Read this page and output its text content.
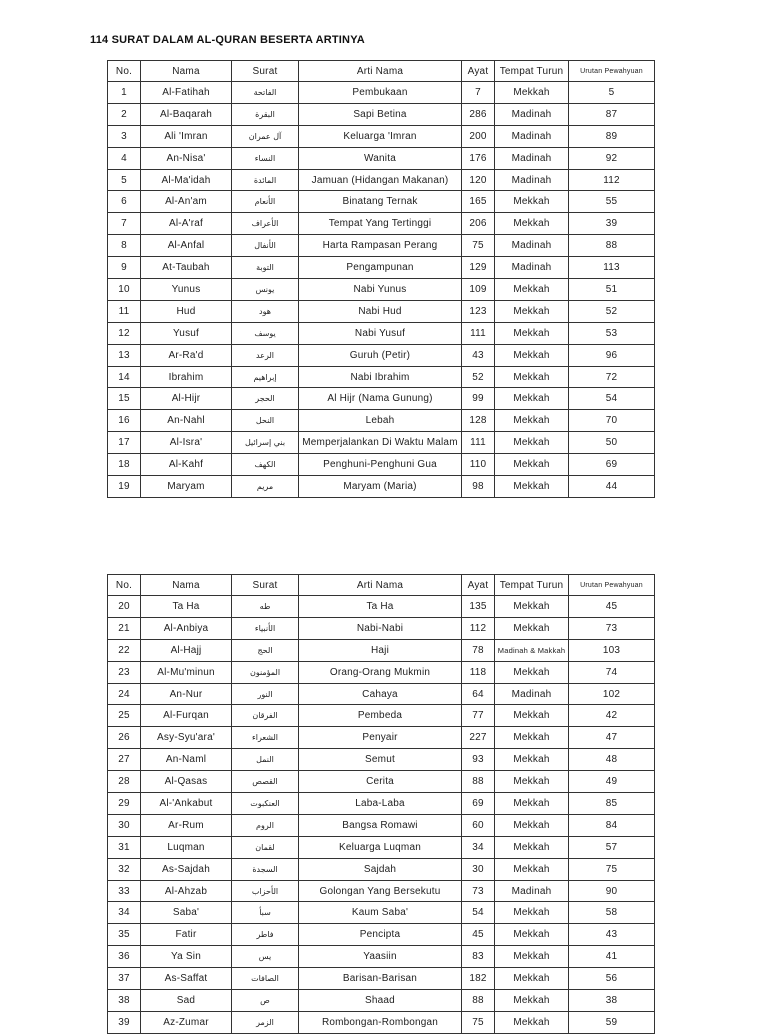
114 SURAT DALAM AL-QURAN BESERTA ARTINYA
No.	Nama	Surat	Arti Nama	Ayat	Tempat Turun	Urutan Pewahyuan
1	Al-Fatihah	الفاتحة	Pembukaan	7	Mekkah	5
2	Al-Baqarah	البقرة	Sapi Betina	286	Madinah	87
3	Ali 'Imran	آل عمران	Keluarga 'Imran	200	Madinah	89
4	An-Nisa'	النساء	Wanita	176	Madinah	92
5	Al-Ma'idah	المائدة	Jamuan (Hidangan Makanan)	120	Madinah	112
6	Al-An'am	الأنعام	Binatang Ternak	165	Mekkah	55
7	Al-A'raf	الأعراف	Tempat Yang Tertinggi	206	Mekkah	39
8	Al-Anfal	الأنفال	Harta Rampasan Perang	75	Madinah	88
9	At-Taubah	التوبة	Pengampunan	129	Madinah	113
10	Yunus	يونس	Nabi Yunus	109	Mekkah	51
11	Hud	هود	Nabi Hud	123	Mekkah	52
12	Yusuf	يوسف	Nabi Yusuf	111	Mekkah	53
13	Ar-Ra'd	الرعد	Guruh (Petir)	43	Mekkah	96
14	Ibrahim	إبراهيم	Nabi Ibrahim	52	Mekkah	72
15	Al-Hijr	الحجر	Al Hijr (Nama Gunung)	99	Mekkah	54
16	An-Nahl	النحل	Lebah	128	Mekkah	70
17	Al-Isra'	بني إسرائيل	Memperjalankan Di Waktu Malam	111	Mekkah	50
18	Al-Kahf	الكهف	Penghuni-Penghuni Gua	110	Mekkah	69
19	Maryam	مريم	Maryam (Maria)	98	Mekkah	44
No.	Nama	Surat	Arti Nama	Ayat	Tempat Turun	Urutan Pewahyuan
20	Ta Ha	طه	Ta Ha	135	Mekkah	45
21	Al-Anbiya	الأنبياء	Nabi-Nabi	112	Mekkah	73
22	Al-Hajj	الحج	Haji	78	Madinah & Makkah	103
23	Al-Mu'minun	المؤمنون	Orang-Orang Mukmin	118	Mekkah	74
24	An-Nur	النور	Cahaya	64	Madinah	102
25	Al-Furqan	الفرقان	Pembeda	77	Mekkah	42
26	Asy-Syu'ara'	الشعراء	Penyair	227	Mekkah	47
27	An-Naml	النمل	Semut	93	Mekkah	48
28	Al-Qasas	القصص	Cerita	88	Mekkah	49
29	Al-'Ankabut	العنكبوت	Laba-Laba	69	Mekkah	85
30	Ar-Rum	الروم	Bangsa Romawi	60	Mekkah	84
31	Luqman	لقمان	Keluarga Luqman	34	Mekkah	57
32	As-Sajdah	السجدة	Sajdah	30	Mekkah	75
33	Al-Ahzab	الأحزاب	Golongan Yang Bersekutu	73	Madinah	90
34	Saba'	سبأ	Kaum Saba'	54	Mekkah	58
35	Fatir	فاطر	Pencipta	45	Mekkah	43
36	Ya Sin	يس	Yaasiin	83	Mekkah	41
37	As-Saffat	الصافات	Barisan-Barisan	182	Mekkah	56
38	Sad	ص	Shaad	88	Mekkah	38
39	Az-Zumar	الزمر	Rombongan-Rombongan	75	Mekkah	59
